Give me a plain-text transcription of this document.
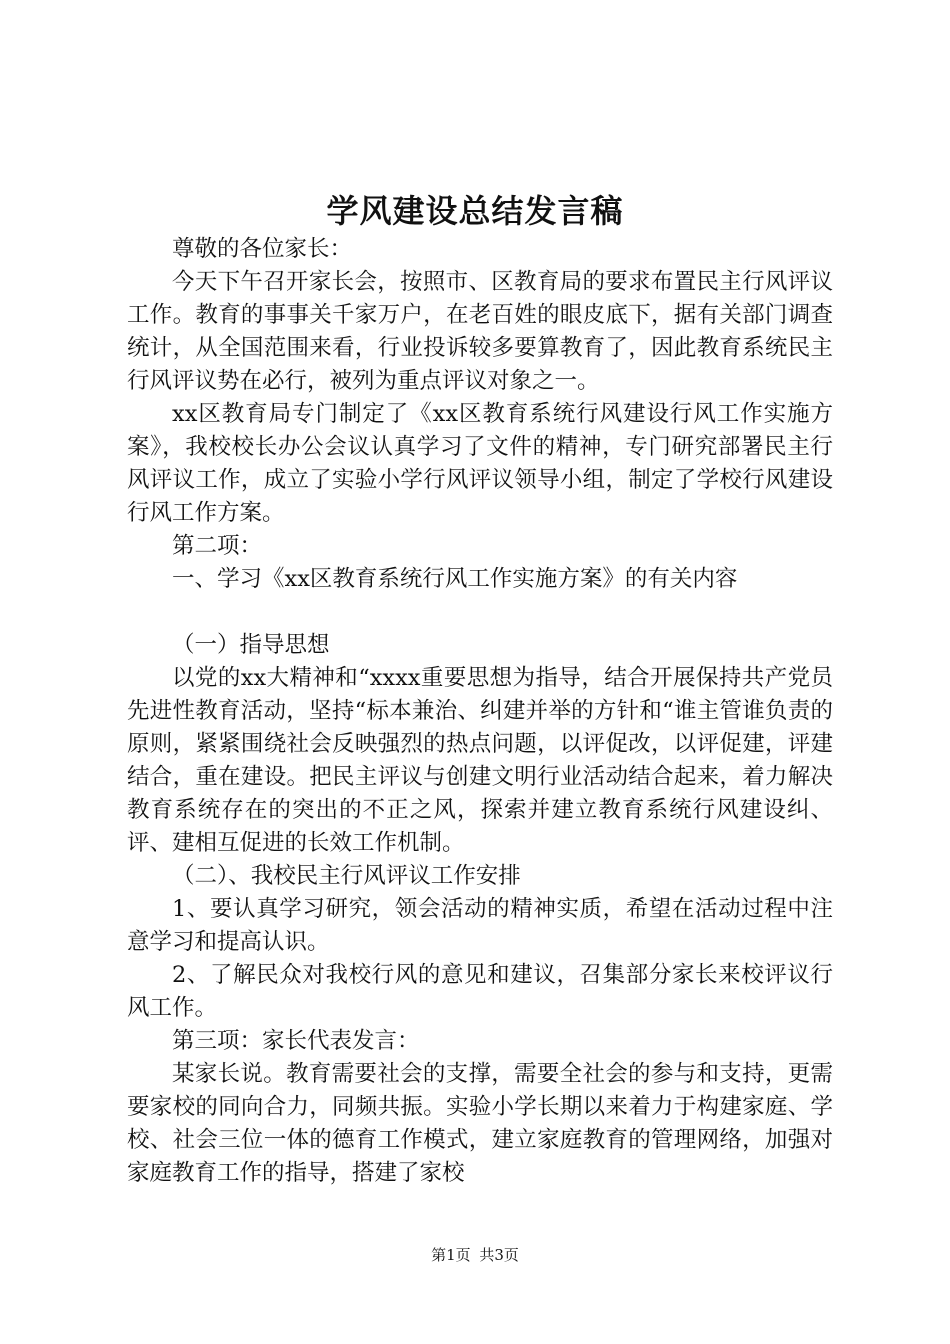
学风建设总结发言稿

尊敬的各位家长：

今天下午召开家长会，按照市、区教育局的要求布置民主行风评议工作。教育的事事关千家万户，在老百姓的眼皮底下，据有关部门调查统计，从全国范围来看，行业投诉较多要算教育了，因此教育系统民主行风评议势在必行，被列为重点评议对象之一。

xx区教育局专门制定了《xx区教育系统行风建设行风工作实施方案》，我校校长办公会议认真学习了文件的精神，专门研究部署民主行风评议工作，成立了实验小学行风评议领导小组，制定了学校行风建设行风工作方案。

第二项：

一、学习《xx区教育系统行风工作实施方案》的有关内容

（一）指导思想

以党的xx大精神和“xxxx重要思想为指导，结合开展保持共产党员先进性教育活动，坚持“标本兼治、纠建并举的方针和“谁主管谁负责的原则，紧紧围绕社会反映强烈的热点问题，以评促改，以评促建，评建结合，重在建设。把民主评议与创建文明行业活动结合起来，着力解决教育系统存在的突出的不正之风，探索并建立教育系统行风建设纠、评、建相互促进的长效工作机制。

（二）、我校民主行风评议工作安排

1、要认真学习研究，领会活动的精神实质，希望在活动过程中注意学习和提高认识。

2、了解民众对我校行风的意见和建议，召集部分家长来校评议行风工作。

第三项：家长代表发言：

某家长说。教育需要社会的支撑，需要全社会的参与和支持，更需要家校的同向合力，同频共振。实验小学长期以来着力于构建家庭、学校、社会三位一体的德育工作模式，建立家庭教育的管理网络，加强对家庭教育工作的指导，搭建了家校

第1页 共3页
